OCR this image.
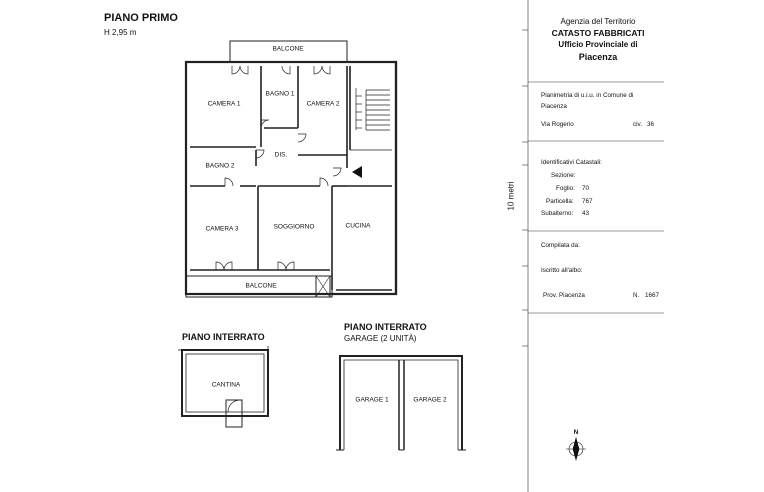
PIANO PRIMO
H 2,95 m
BALCONE
CAMERA 1
BAGNO 1
CAMERA 2
DIS.
BAGNO 2
CAMERA 3	SOGGIORNO	CUCINA
BALCONE
PIANO INTERRATO
CANTINA
PIANO INTERRATO
GARAGE (2 UNITÀ)
GARAGE 1	GARAGE 2
10 metri
Agenzia del Territorio
CATASTO FABBRICATI
Ufficio Provinciale di
Piacenza
Planimetria di u.i.u. in Comune di
Piacenza
Via Rogerio	civ. 36
Identificativi Catastali:
Sezione:
Foglio: 70
Particella: 767
Subalterno: 43
Compilata da:
Iscritto all'albo:
Prov. Piacenza	N. 1667
N
